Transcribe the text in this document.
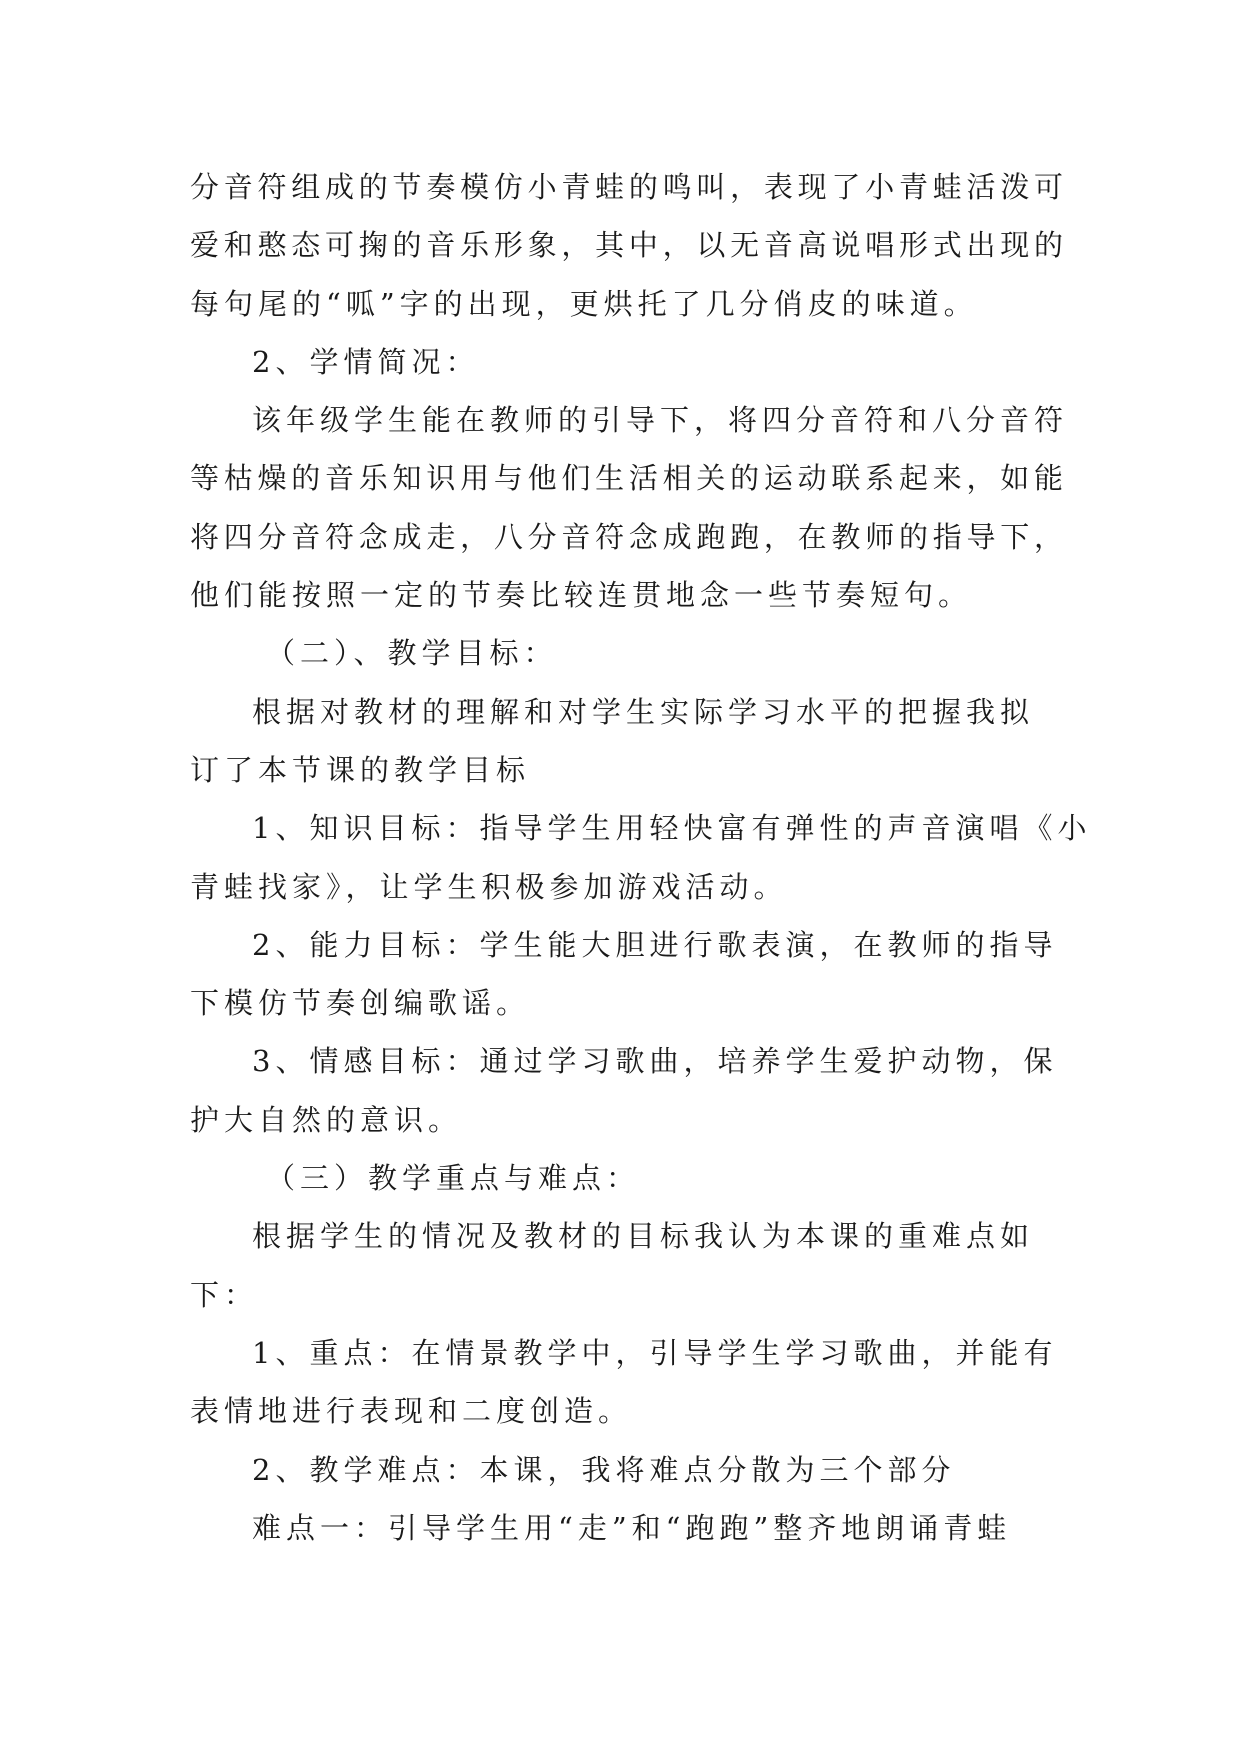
分音符组成的节奏模仿小青蛙的鸣叫，表现了小青蛙活泼可
爱和憨态可掬的音乐形象，其中，以无音高说唱形式出现的
每句尾的“呱”字的出现，更烘托了几分俏皮的味道。
2、学情简况：
该年级学生能在教师的引导下，将四分音符和八分音符
等枯燥的音乐知识用与他们生活相关的运动联系起来，如能
将四分音符念成走，八分音符念成跑跑，在教师的指导下，
他们能按照一定的节奏比较连贯地念一些节奏短句。
（二）、教学目标：
根据对教材的理解和对学生实际学习水平的把握我拟
订了本节课的教学目标
1、知识目标：指导学生用轻快富有弹性的声音演唱《小
青蛙找家》，让学生积极参加游戏活动。
2、能力目标：学生能大胆进行歌表演，在教师的指导
下模仿节奏创编歌谣。
3、情感目标：通过学习歌曲，培养学生爱护动物，保
护大自然的意识。
（三）教学重点与难点：
根据学生的情况及教材的目标我认为本课的重难点如
下：
1、重点：在情景教学中，引导学生学习歌曲，并能有
表情地进行表现和二度创造。
2、教学难点：本课，我将难点分散为三个部分
难点一：引导学生用“走”和“跑跑”整齐地朗诵青蛙
